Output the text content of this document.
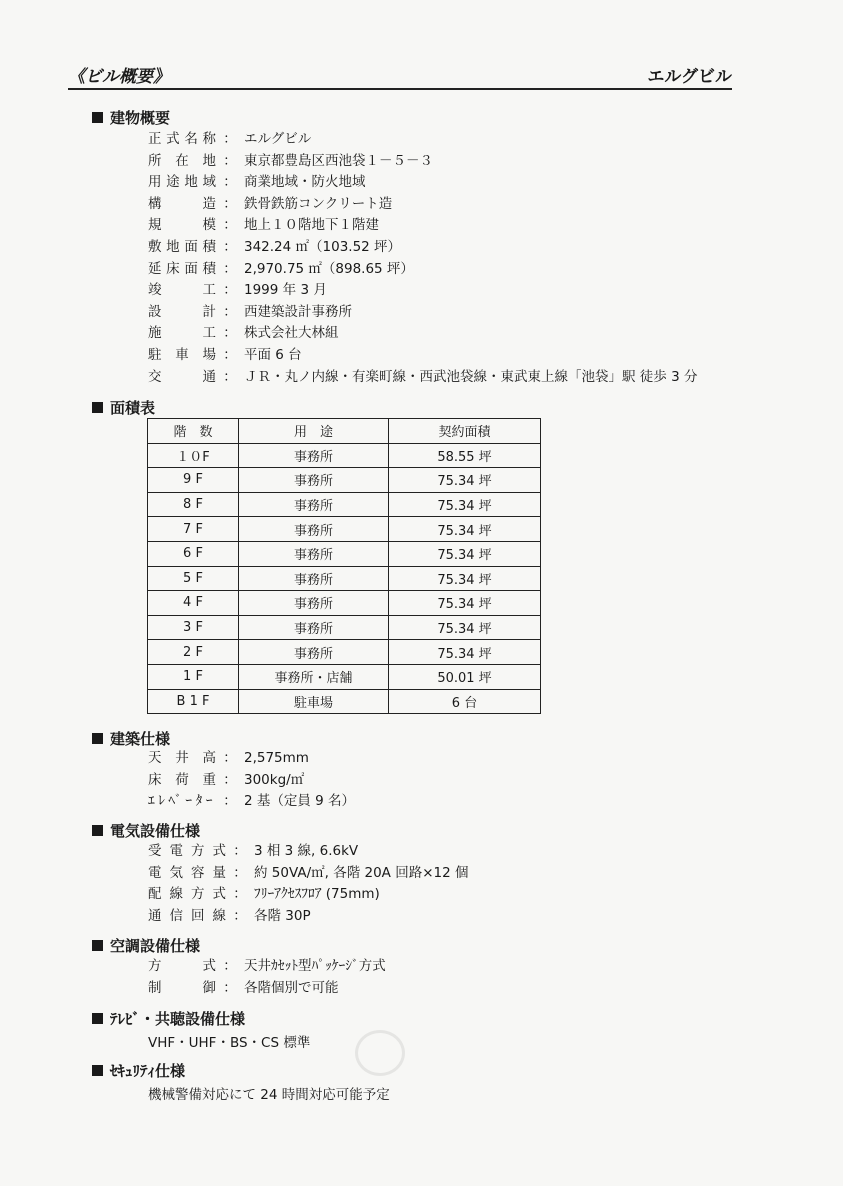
《ビル概要》	エルグビル
建物概要
正式名称 ： エルグビル
所 在 地 ： 東京都豊島区西池袋１－５－３
用途地域 ： 商業地域・防火地域
構　　造 ： 鉄骨鉄筋コンクリート造
規　　模 ： 地上１０階地下１階建
敷地面積 ： 342.24 ㎡（103.52 坪）
延床面積 ： 2,970.75 ㎡（898.65 坪）
竣　　工 ： 1999 年 3 月
設　　計 ： 西建築設計事務所
施　　工 ： 株式会社大林組
駐 車 場 ： 平面 6 台
交　　通 ： ＪＲ・丸ノ内線・有楽町線・西武池袋線・東武東上線「池袋」駅 徒歩 3 分
面積表
階　数	用　途	契約面積
１０F	事務所	58.55 坪
9 F	事務所	75.34 坪
8 F	事務所	75.34 坪
7 F	事務所	75.34 坪
6 F	事務所	75.34 坪
5 F	事務所	75.34 坪
4 F	事務所	75.34 坪
3 F	事務所	75.34 坪
2 F	事務所	75.34 坪
1 F	事務所・店舗	50.01 坪
B 1 F	駐車場	6 台
建築仕様
天 井 高 ： 2,575mm
床 荷 重 ： 300kg/㎡
ｴﾚﾍﾞｰﾀｰ ： 2 基（定員 9 名）
電気設備仕様
受電方式 ： 3 相 3 線, 6.6kV
電気容量 ： 約 50VA/㎡, 各階 20A 回路×12 個
配線方式 ： ﾌﾘｰｱｸｾｽﾌﾛｱ (75mm)
通信回線 ： 各階 30P
空調設備仕様
方　　式 ： 天井ｶｾｯﾄ型ﾊﾟｯｹｰｼﾞ方式
制　　御 ： 各階個別で可能
ﾃﾚﾋﾞ・共聴設備仕様
VHF・UHF・BS・CS 標準
ｾｷｭﾘﾃｨ仕様
機械警備対応にて 24 時間対応可能予定
